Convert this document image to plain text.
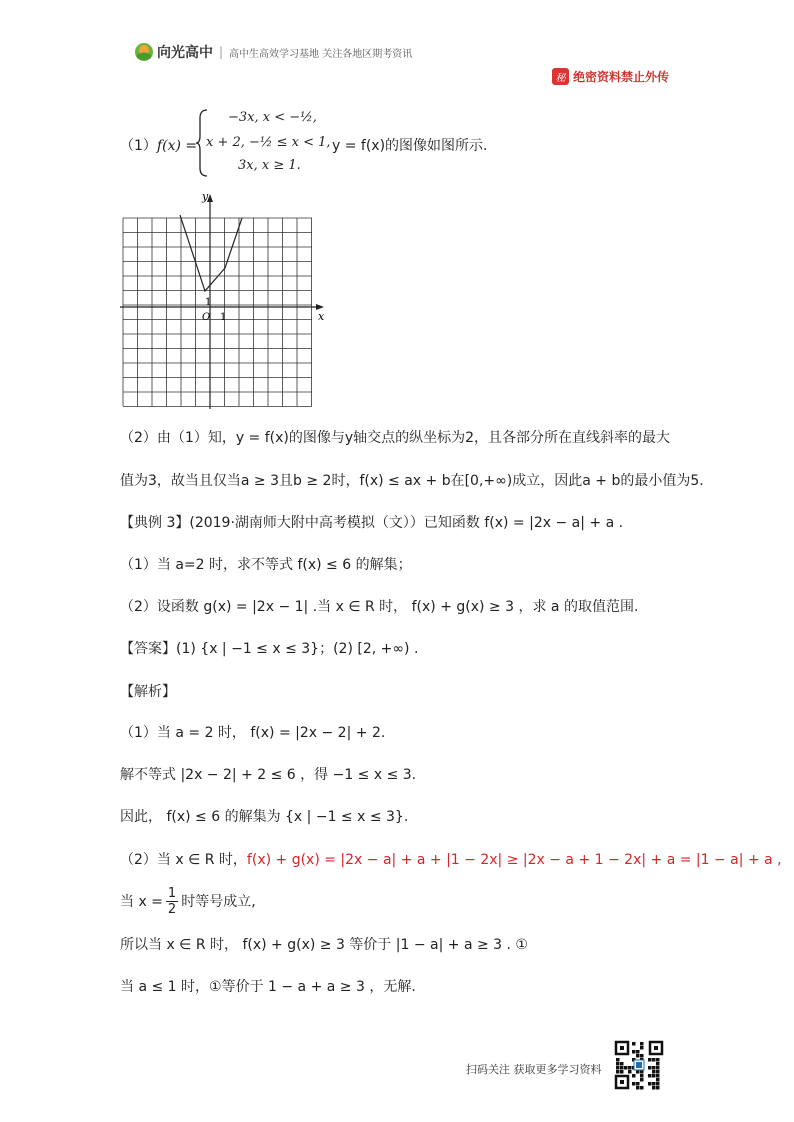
向光高中 | 高中生高效学习基地 关注各地区期考资讯
秘 绝密资料禁止外传
（1）f(x) =
−3x, x < −½,
x + 2, −½ ≤ x < 1,
3x, x ≥ 1.
y = f(x)的图像如图所示.
y
x
O 1
1
（2）由（1）知，y = f(x)的图像与y轴交点的纵坐标为2，且各部分所在直线斜率的最大
值为3，故当且仅当a ≥ 3且b ≥ 2时，f(x) ≤ ax + b在[0,+∞)成立，因此a + b的最小值为5.
【典例 3】(2019·湖南师大附中高考模拟（文））已知函数 f(x) = |2x − a| + a .
（1）当 a=2 时，求不等式 f(x) ≤ 6 的解集；
（2）设函数 g(x) = |2x − 1| .当 x ∈ R 时， f(x) + g(x) ≥ 3 ，求 a 的取值范围.
【答案】(1) {x | −1 ≤ x ≤ 3}；(2) [2, +∞) .
【解析】
（1）当 a = 2 时， f(x) = |2x − 2| + 2.
解不等式 |2x − 2| + 2 ≤ 6 ，得 −1 ≤ x ≤ 3.
因此， f(x) ≤ 6 的解集为 {x | −1 ≤ x ≤ 3}.
（2）当 x ∈ R 时，f(x) + g(x) = |2x − a| + a + |1 − 2x| ≥ |2x − a + 1 − 2x| + a = |1 − a| + a ,
当 $x = \frac{1}{2}$ 时等号成立,
所以当 x ∈ R 时， f(x) + g(x) ≥ 3 等价于 |1 − a| + a ≥ 3 . ①
当 a ≤ 1 时，①等价于 1 − a + a ≥ 3 ，无解.
扫码关注 获取更多学习资料
